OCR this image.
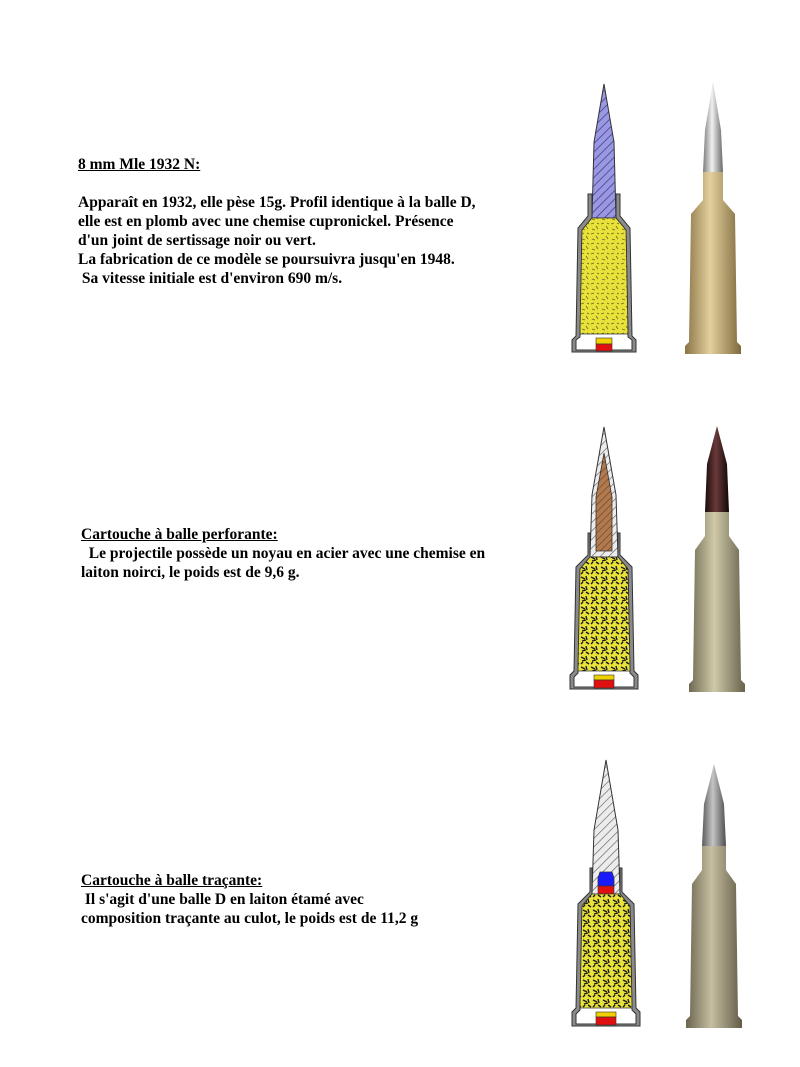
8 mm Mle 1932 N:
Apparaît en 1932, elle pèse 15g. Profil identique à la balle D,
elle est en plomb avec une chemise cupronickel. Présence
d'un joint de sertissage noir ou vert.
La fabrication de ce modèle se poursuivra jusqu'en 1948.
Sa vitesse initiale est d'environ 690 m/s.
Cartouche à balle perforante:
Le projectile possède un noyau en acier avec une chemise en
laiton noirci, le poids est de 9,6 g.
Cartouche à balle traçante:
Il s'agit d'une balle D en laiton étamé avec
composition traçante au culot, le poids est de 11,2 g
